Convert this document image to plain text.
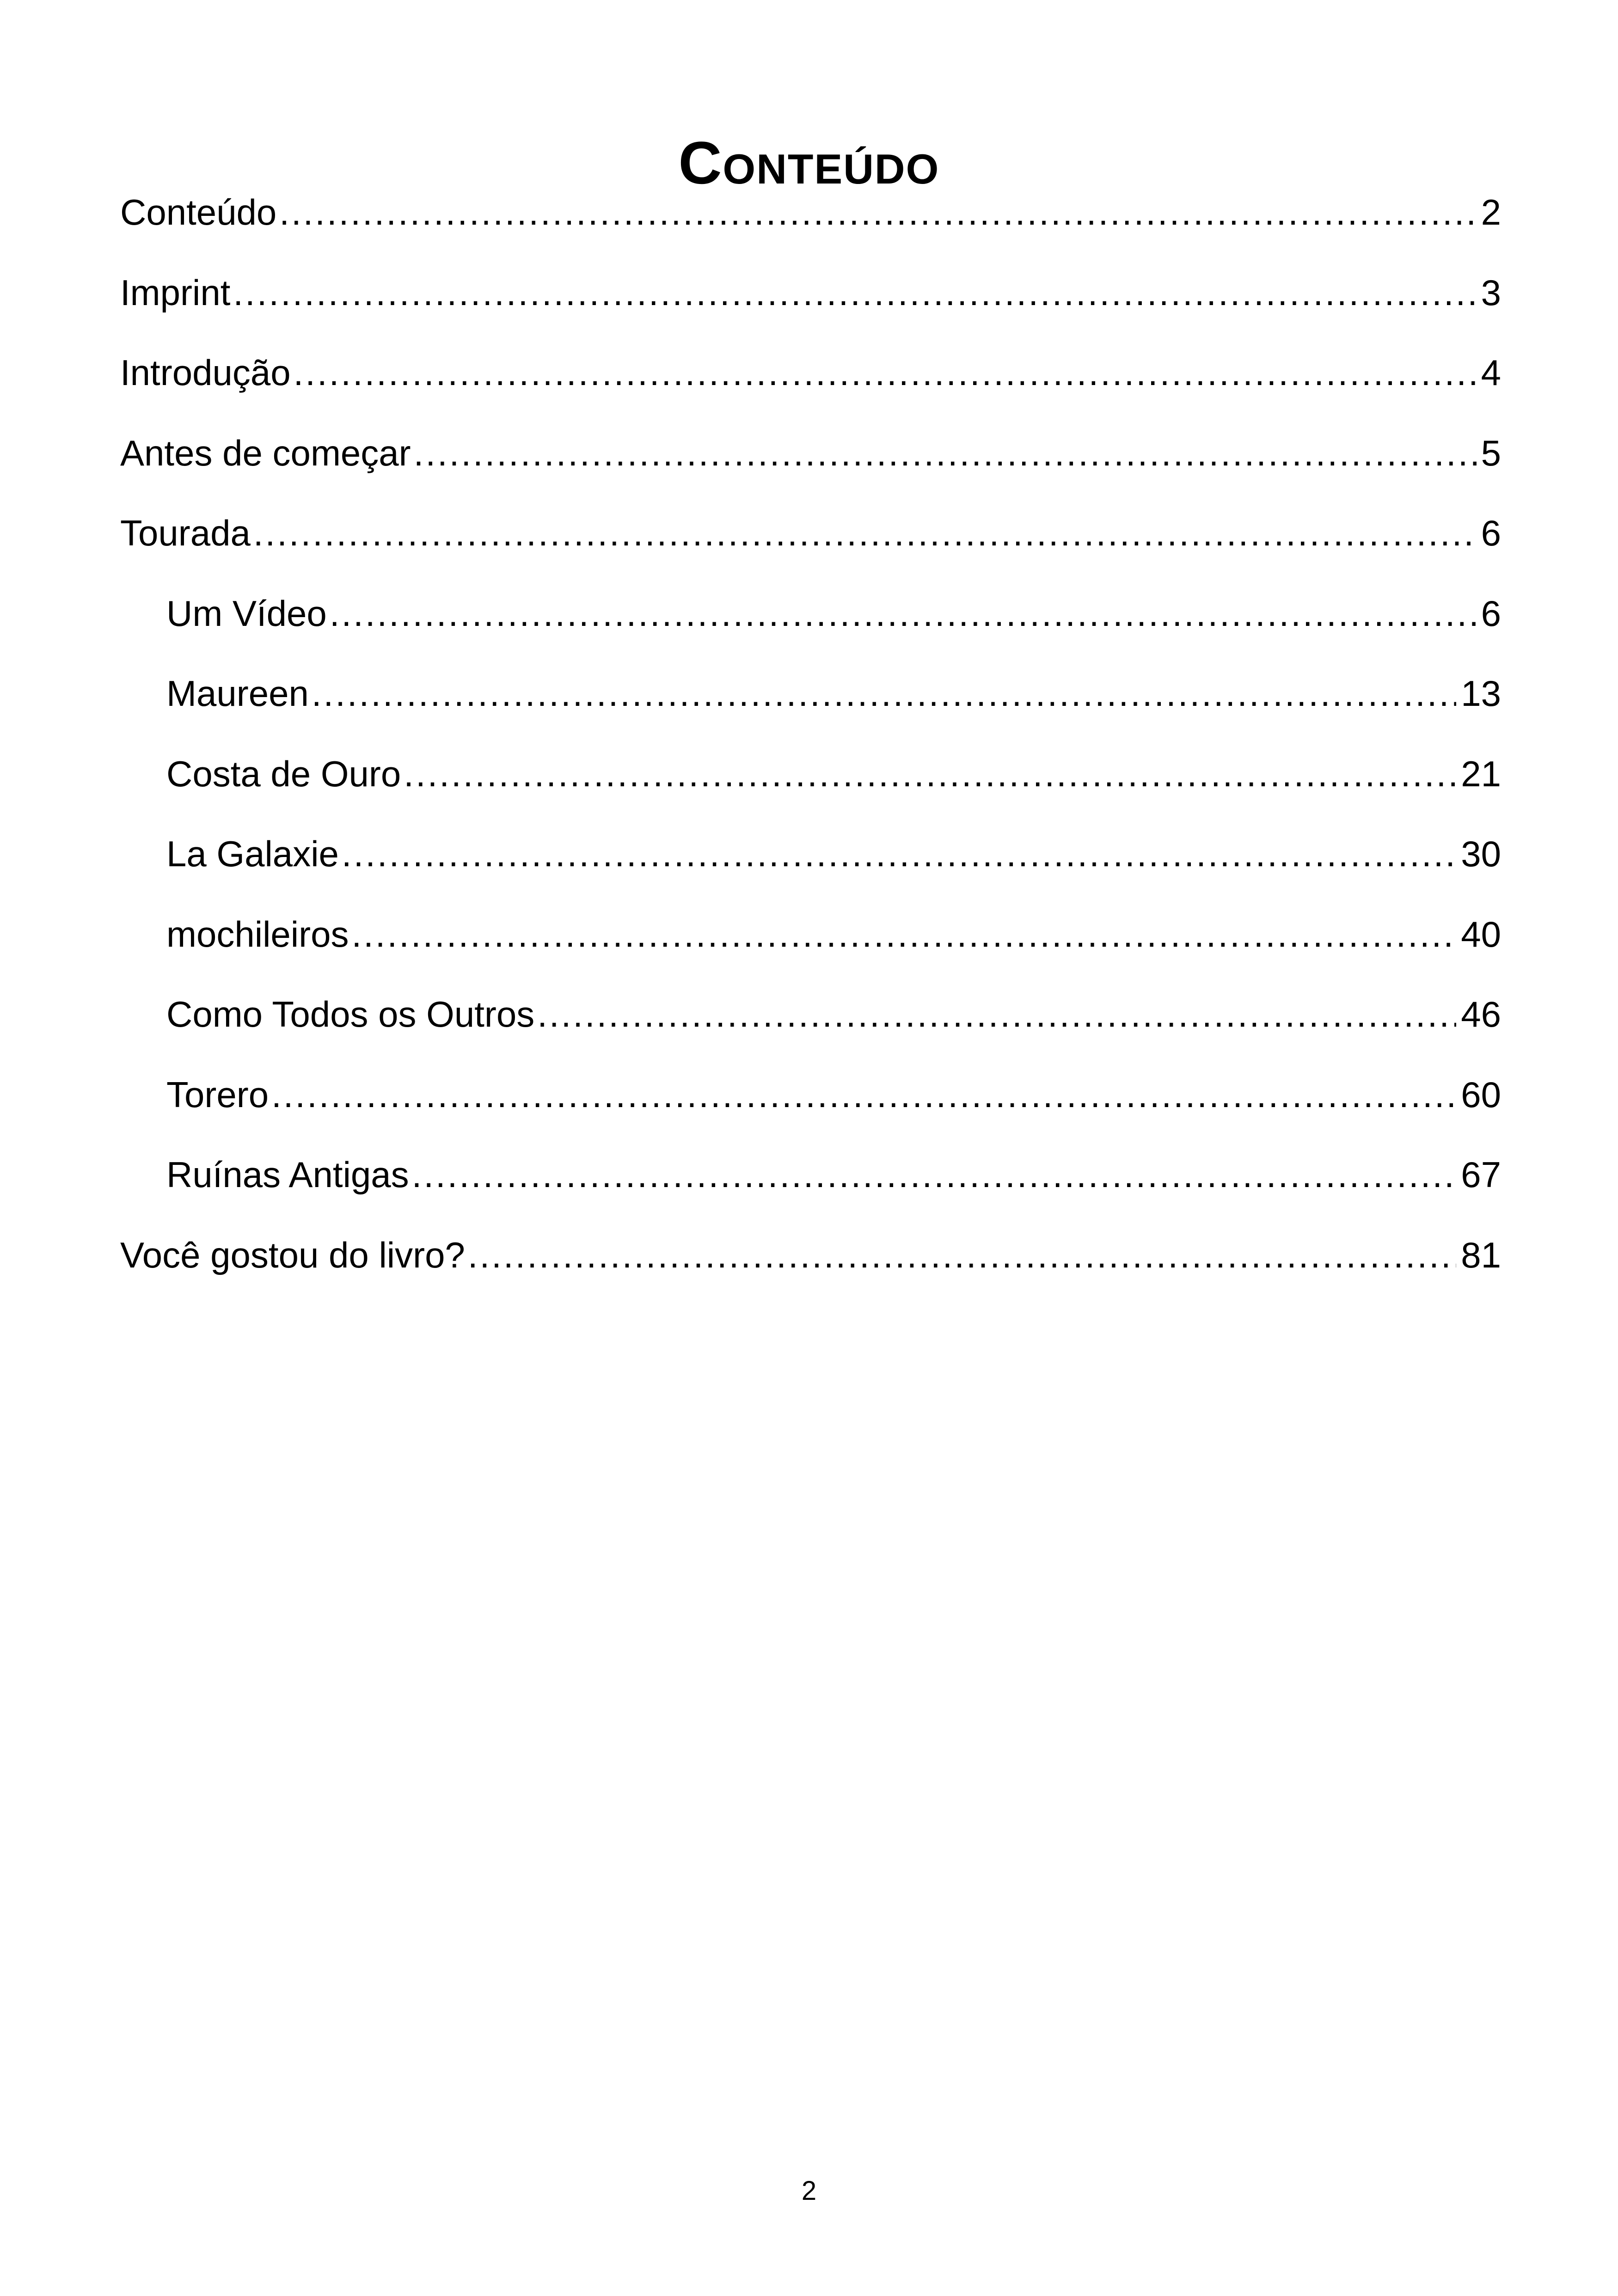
Conteúdo
Conteúdo .....	2
Imprint .....	3
Introdução .....	4
Antes de começar .....	5
Tourada .....	6
Um Vídeo .....	6
Maureen .....	13
Costa de Ouro .....	21
La Galaxie .....	30
mochileiros .....	40
Como Todos os Outros .....	46
Torero .....	60
Ruínas Antigas .....	67
Você gostou do livro? .....	81
2
